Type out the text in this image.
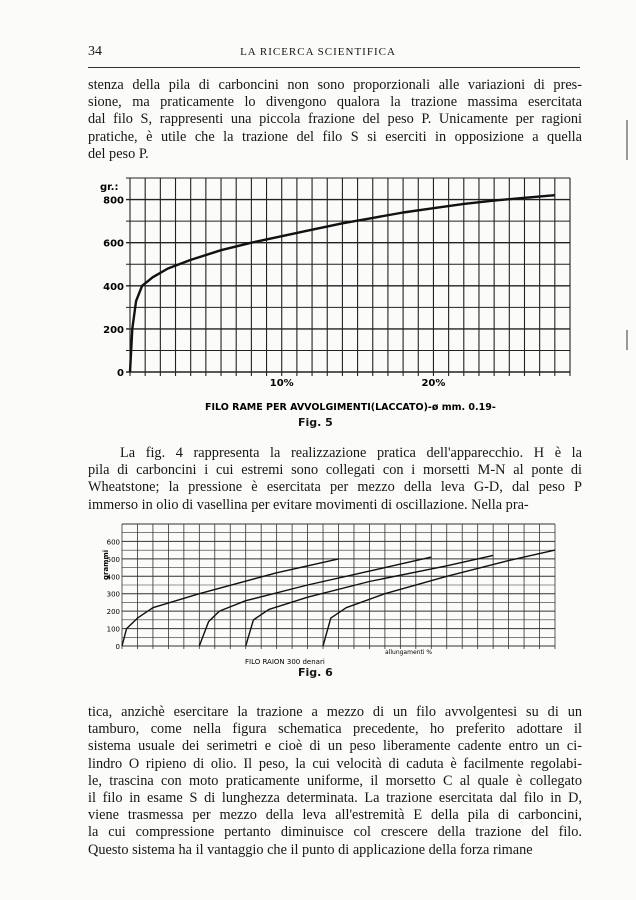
34	LA RICERCA SCIENTIFICA

stenza della pila di carboncini non sono proporzionali alle variazioni di pres-
sione, ma praticamente lo divengono qualora la trazione massima esercitata
dal filo S, rappresenti una piccola frazione del peso P. Unicamente per ragioni
pratiche, è utile che la trazione del filo S si eserciti in opposizione a quella
del peso P.

800
600
400
200
0
10%	20%
gr.:
FILO RAME PER AVVOLGIMENTI(LACCATO)-ø mm. 0.19-
Fig. 5

La fig. 4 rappresenta la realizzazione pratica dell'apparecchio. H è la
pila di carboncini i cui estremi sono collegati con i morsetti M-N al ponte di
Wheatstone; la pressione è esercitata per mezzo della leva G-D, dal peso P
immerso in olio di vasellina per evitare movimenti di oscillazione. Nella pra-

600
500
400
300
200
100
0
grammi
FILO RAION 300 denari
allungamenti %
Fig. 6

tica, anzichè esercitare la trazione a mezzo di un filo avvolgentesi su di un
tamburo, come nella figura schematica precedente, ho preferito adottare il
sistema usuale dei serimetri e cioè di un peso liberamente cadente entro un ci-
lindro O ripieno di olio. Il peso, la cui velocità di caduta è facilmente regolabi-
le, trascina con moto praticamente uniforme, il morsetto C al quale è collegato
il filo in esame S di lunghezza determinata. La trazione esercitata dal filo in D,
viene trasmessa per mezzo della leva all'estremità E della pila di carboncini,
la cui compressione pertanto diminuisce col crescere della trazione del filo.
Questo sistema ha il vantaggio che il punto di applicazione della forza rimane
